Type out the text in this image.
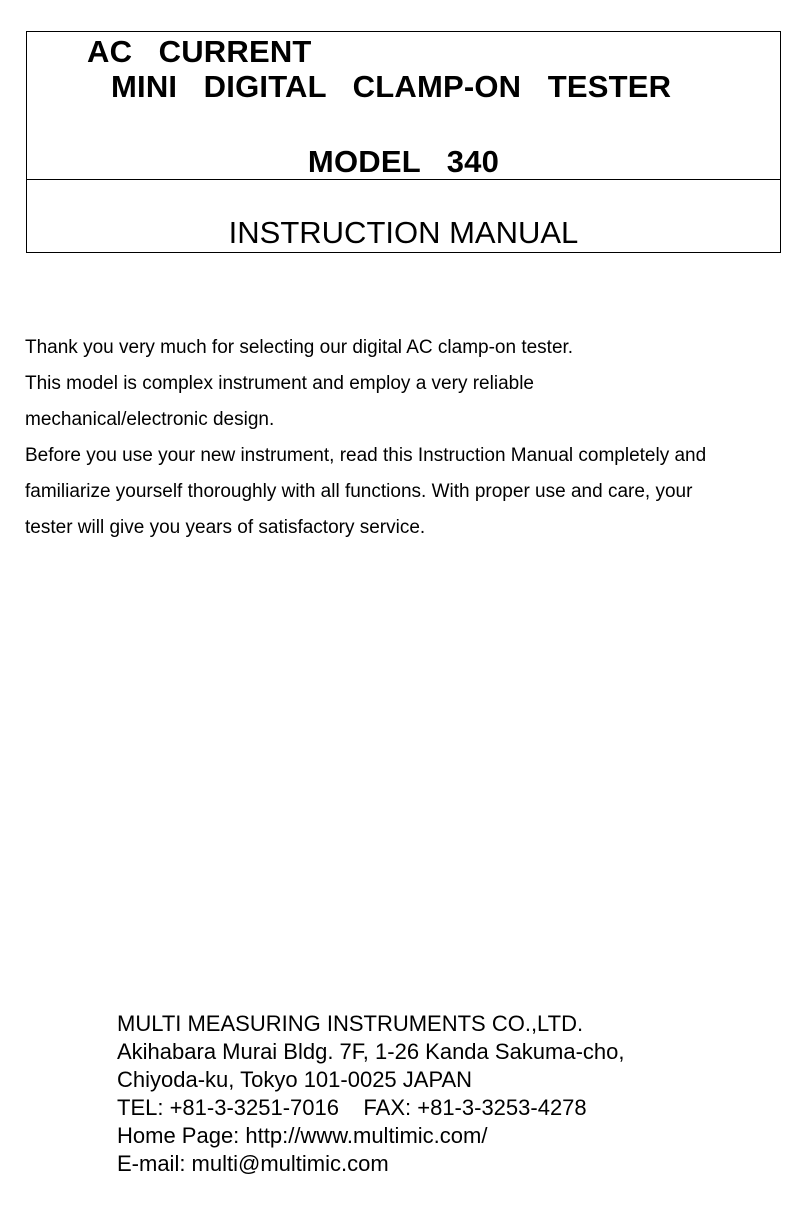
AC   CURRENT
MINI   DIGITAL   CLAMP-ON   TESTER
MODEL   340
INSTRUCTION MANUAL

Thank you very much for selecting our digital AC clamp-on tester.

This model is complex instrument and employ a very reliable

mechanical/electronic design.

Before you use your new instrument, read this Instruction Manual completely and

familiarize yourself thoroughly with all functions. With proper use and care, your

tester will give you years of satisfactory service.

MULTI MEASURING INSTRUMENTS CO.,LTD.

Akihabara Murai Bldg. 7F, 1-26 Kanda Sakuma-cho,

Chiyoda-ku, Tokyo 101-0025 JAPAN

TEL: +81-3-3251-7016    FAX: +81-3-3253-4278

Home Page: http://www.multimic.com/

E-mail: multi@multimic.com
